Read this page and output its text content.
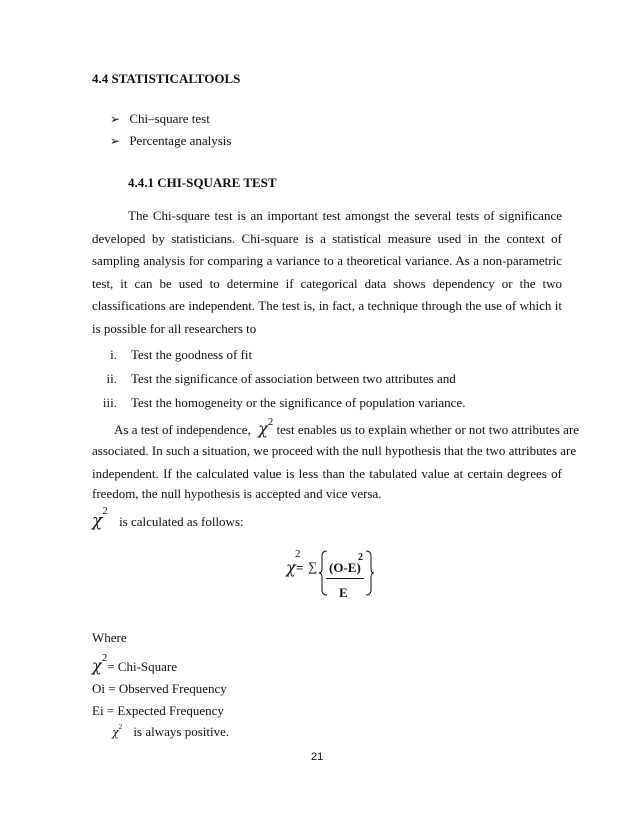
4.4 STATISTICALTOOLS
➢ Chi–square test
➢ Percentage analysis
4.4.1 CHI-SQUARE TEST
The Chi-square test is an important test amongst the several tests of significance developed by statisticians. Chi-square is a statistical measure used in the context of sampling analysis for comparing a variance to a theoretical variance. As a non-parametric test, it can be used to determine if categorical data shows dependency or the two classifications are independent. The test is, in fact, a technique through the use of which it is possible for all researchers to
i. Test the goodness of fit
ii. Test the significance of association between two attributes and
iii. Test the homogeneity or the significance of population variance.
As a test of independence, $\chi^2$ test enables us to explain whether or not two attributes are
associated. In such a situation, we proceed with the null hypothesis that the two attributes are
independent. If the calculated value is less than the tabulated value at certain degrees of
freedom, the null hypothesis is accepted and vice versa.
$\chi^2$ is calculated as follows:
χ
2
= ∑ (O-E)
2
E
Where
$\chi^2=$ Chi-Square
Oi = Observed Frequency
Ei = Expected Frequency
$\chi^2$ is always positive.
21
